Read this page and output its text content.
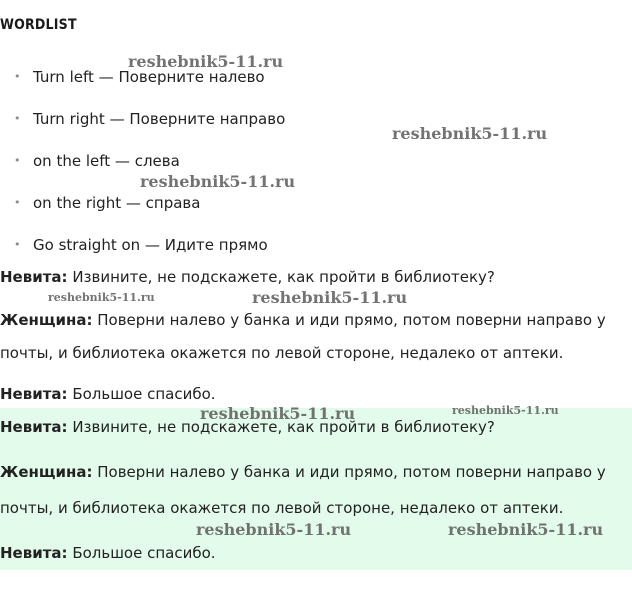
WORDLIST
• Turn left — Поверните налево
• Turn right — Поверните направо
• on the left — слева
• on the right — справа
• Go straight on — Идите прямо
Невита: Извините, не подскажете, как пройти в библиотеку?
Женщина: Поверни налево у банка и иди прямо, потом поверни направо у
почты, и библиотека окажется по левой стороне, недалеко от аптеки.
Невита: Большое спасибо.
Невита: Извините, не подскажете, как пройти в библиотеку?
Женщина: Поверни налево у банка и иди прямо, потом поверни направо у
почты, и библиотека окажется по левой стороне, недалеко от аптеки.
Невита: Большое спасибо.
reshebnik5-11.ru
reshebnik5-11.ru
reshebnik5-11.ru
reshebnik5-11.ru	reshebnik5-11.ru
reshebnik5-11.ru	reshebnik5-11.ru
reshebnik5-11.ru	reshebnik5-11.ru
